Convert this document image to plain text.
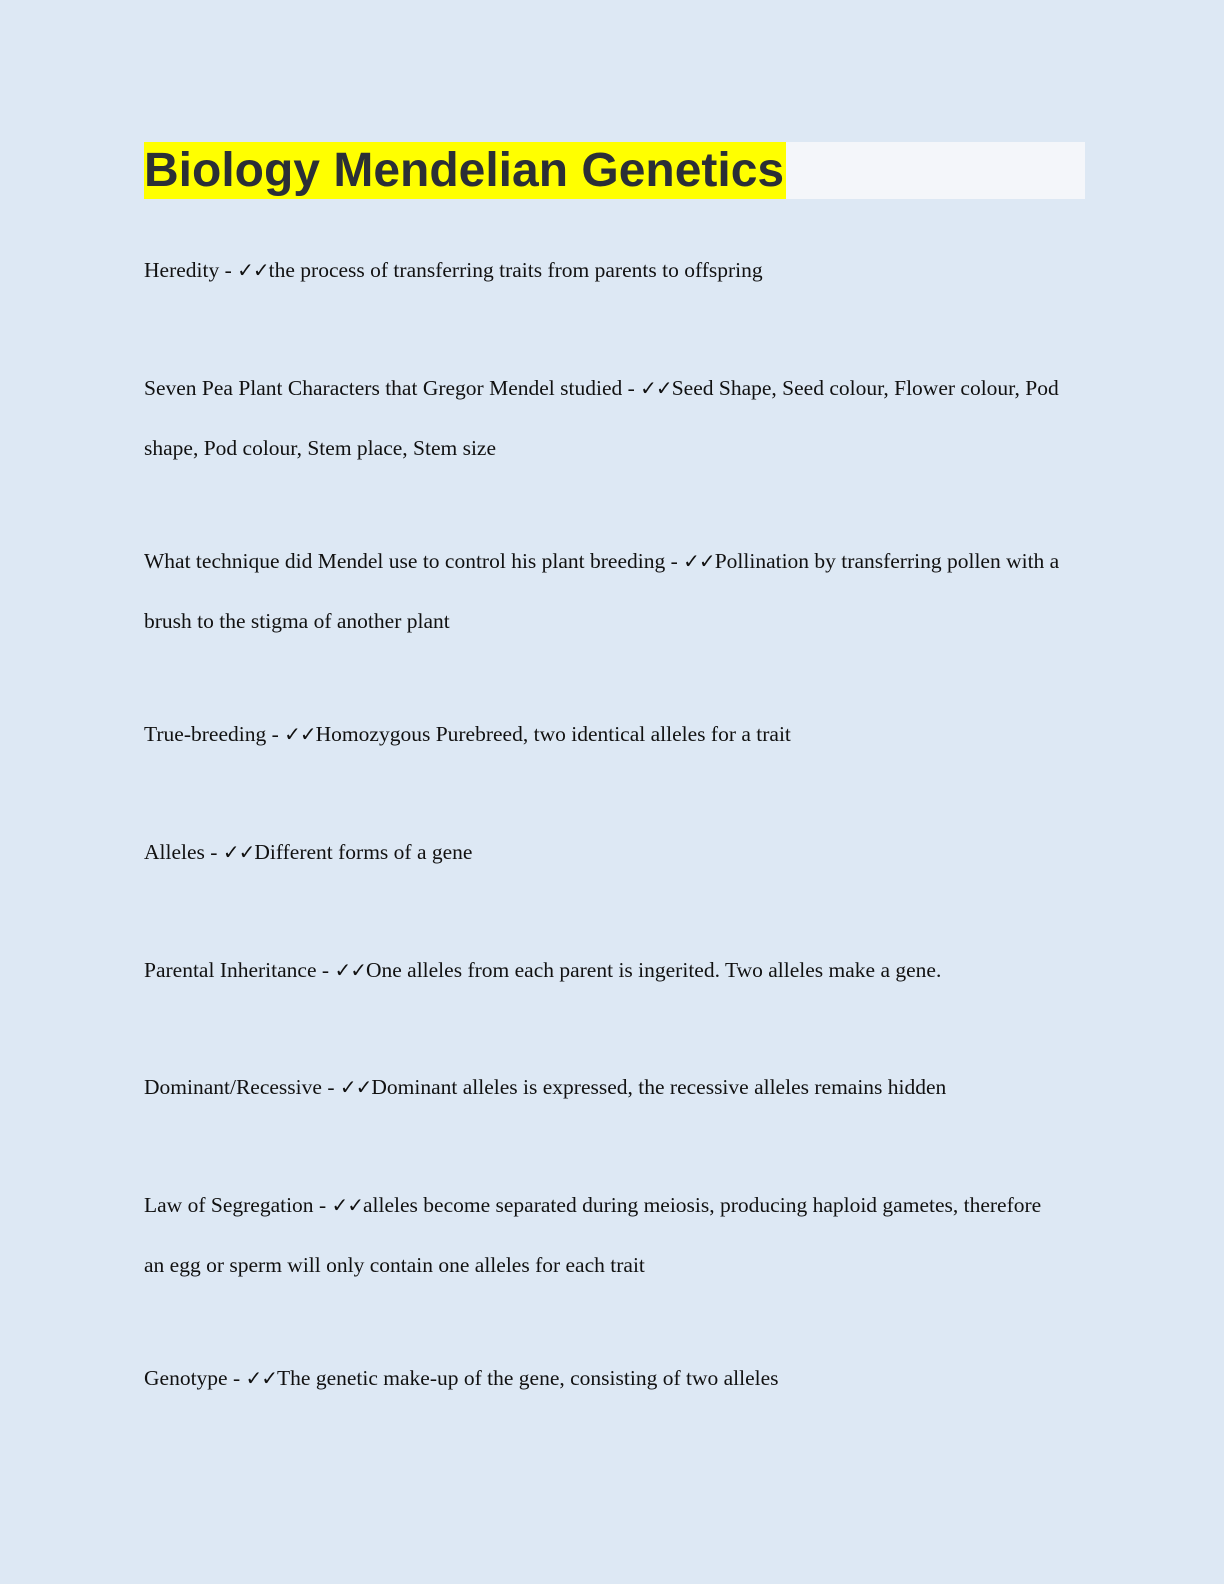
Biology Mendelian Genetics

Heredity - ✓✓the process of transferring traits from parents to offspring

Seven Pea Plant Characters that Gregor Mendel studied - ✓✓Seed Shape, Seed colour, Flower colour, Pod shape, Pod colour, Stem place, Stem size

What technique did Mendel use to control his plant breeding - ✓✓Pollination by transferring pollen with a brush to the stigma of another plant

True-breeding - ✓✓Homozygous Purebreed, two identical alleles for a trait

Alleles - ✓✓Different forms of a gene

Parental Inheritance - ✓✓One alleles from each parent is ingerited. Two alleles make a gene.

Dominant/Recessive - ✓✓Dominant alleles is expressed, the recessive alleles remains hidden

Law of Segregation - ✓✓alleles become separated during meiosis, producing haploid gametes, therefore an egg or sperm will only contain one alleles for each trait

Genotype - ✓✓The genetic make-up of the gene, consisting of two alleles
